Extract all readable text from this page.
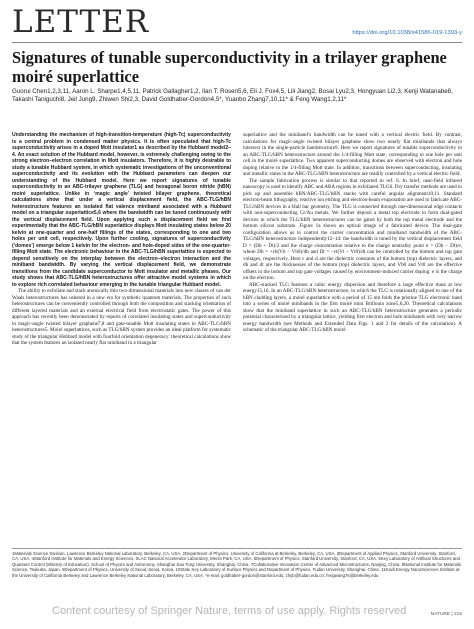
LETTER	https://doi.org/10.1038/s41586-019-1393-y
Signatures of tunable superconductivity in a trilayer graphene moiré superlattice
Guorui Chen1,2,3,11, Aaron L. Sharpe1,4,5,11, Patrick Gallagher1,2, Ilan T. Rosen5,6, Eli J. Fox4,5, Lili Jiang2, Bosai Lyu2,3, Hongyuan Li2,3, Kenji Watanabe8, Takashi Taniguchi8, Jeil Jung9, Zhiwen Shi2,3, David Goldhaber-Gordon4,5*, Yuanbo Zhang7,10,11* & Feng Wang1,2,11*

Understanding the mechanism of high-transition-temperature (high-Tc) superconductivity is a central problem in condensed matter physics. It is often speculated that high-Tc superconductivity arises in a doped Mott insulator1 as described by the Hubbard model2–4. An exact solution of the Hubbard model, however, is extremely challenging owing to the strong electron–electron correlation in Mott insulators. Therefore, it is highly desirable to study a tunable Hubbard system, in which systematic investigations of the unconventional superconductivity and its evolution with the Hubbard parameters can deepen our understanding of the Hubbard model. Here we report signatures of tunable superconductivity in an ABC-trilayer graphene (TLG) and hexagonal boron nitride (hBN) moiré superlattice. Unlike in ‘magic angle’ twisted bilayer graphene, theoretical calculations show that under a vertical displacement field, the ABC-TLG/hBN heterostructure features an isolated flat valence miniband associated with a Hubbard model on a triangular superlattice5,6 where the bandwidth can be tuned continuously with the vertical displacement field. Upon applying such a displacement field we find experimentally that the ABC-TLG/hBN superlattice displays Mott insulating states below 20 kelvin at one-quarter and one-half fillings of the states, corresponding to one and two holes per unit cell, respectively. Upon further cooling, signatures of superconductivity (‘domes’) emerge below 1 kelvin for the electron- and hole-doped sides of the one-quarter-filling Mott state. The electronic behaviour in the ABC-TLG/hBN superlattice is expected to depend sensitively on the interplay between the electron–electron interaction and the miniband bandwidth. By varying the vertical displacement field, we demonstrate transitions from the candidate superconductor to Mott insulator and metallic phases. Our study shows that ABC-TLG/hBN heterostructures offer attractive model systems in which to explore rich correlated behaviour emerging in the tunable triangular Hubbard model.

The ability to exfoliate and stack atomically thin two-dimensional materials into new classes of van der Waals heterostructures has ushered in a new era for synthetic quantum materials. The properties of such heterostructures can be conveniently controlled through both the composition and stacking orientation of different layered materials and an external electrical field from electrostatic gates. The power of this approach has recently been demonstrated by reports of correlated insulating states and superconductivity in magic-angle twisted bilayer graphene7,8 and gate-tunable Mott insulating states in ABC-TLG/hBN heterostructures5. Moiré superlattices, such as TLG/hBN system provides an ideal platform for systematic study of the triangular Hubbard model with fourfold orientation degeneracy: theoretical calculations show that the system features an isolated nearly flat miniband in a triangular

superlattice and the miniband’s bandwidth can be tuned with a vertical electric field. By contrast, calculations for magic-angle twisted bilayer graphene show two nearly flat minibands that always intersect in the single-particle bandstructure9. Here we report signatures of tunable superconductivity in an ABC-TLG/hBN heterostructure around the 1/4-filling Mott state, corresponding to one hole per unit cell in the moiré superlattice. Two apparent superconducting domes are observed with electron and hole doping relative to the 1/4-filling Mott state. In addition, transitions between superconducting, insulating and metallic states in the ABC-TLG/hBN heterostructure are readily controlled by a vertical electric field.

The sample fabrication process is similar to that reported in ref. 6. In brief, near-field infrared nanoscopy is used to identify ABC and ABA regions in exfoliated TLG6. Dry transfer methods are used to pick up and assemble hBN/ABC-TLG/hBN stacks with careful angular alignment10,11. Standard electron-beam lithography, reactive ion etching and electron-beam evaporation are used to fabricate ABC-TLG/hBN devices in a Hall bar geometry. The TLG is connected through one-dimensional edge contacts with non-superconducting Cr/Au metals. We further deposit a metal top electrode to form dual-gated devices in which the TLG/hBN heterostructures can be gated by both the top metal electrode and the bottom silicon substrate. Figure 1a shows an optical image of a fabricated device. The dual-gate configuration allows us to control the carrier concentration and miniband bandwidth of the ABC-TLG/hBN heterostructure independently12–14: the bandwidth is tuned by the vertical displacement field D = (Db + Dt)/2 and the charge concentration relative to the charge neutrality point n = (Db − Dt)/e, where Db = +εb(Vb − Vb0)/db and Dt = −εt(Vt − Vt0)/dt can be controlled by the bottom and top gate voltages, respectively. Here ε and d are the dielectric constants of the bottom (top) dielectric layers, and db and dt are the thicknesses of the bottom (top) dielectric layers, and Vb0 and Vt0 are the effective offsets in the bottom and top gate voltages caused by environment-induced carrier doping. e is the charge on the electron.

ABC-stacked TLG features a cubic energy dispersion and therefore a large effective mass at low energy15,16. In an ABC-TLG/hBN heterostructure, in which the TLG is rotationally aligned to one of the hBN cladding layers, a moiré superlattice with a period of 15 nm folds the pristine TLG electronic band into a series of moiré minibands in the first moiré mini Brillouin zone5,6,20. Theoretical calculations show that the miniband superlattice in such an ABC-TLG/hBN heterostructure generates a periodic potential characterized by a triangular lattice, yielding first electron and hole minibands with very narrow energy bandwidth (see Methods and Extended Data Figs. 1 and 2 for details of the calculation). A schematic of the triangular ABC-TLG/hBN moiré

1Materials Science Division, Lawrence Berkeley National Laboratory, Berkeley, CA, USA. 2Department of Physics, University of California at Berkeley, Berkeley, CA, USA. 3Department of Applied Physics, Stanford University, Stanford, CA, USA. 4Stanford Institute for Materials and Energy Sciences, SLAC National Accelerator Laboratory, Menlo Park, CA, USA. 5Department of Physics, Stanford University, Stanford, CA, USA. 6Key Laboratory of Artificial Structures and Quantum Control (Ministry of Education), School of Physics and Astronomy, Shanghai Jiao Tong University, Shanghai, China. 7Collaborative Innovation Center of Advanced Microstructures, Nanjing, China. 8National Institute for Materials Science, Tsukuba, Japan. 9Department of Physics, University of Seoul, Seoul, Korea. 10State Key Laboratory of Surface Physics and Department of Physics, Fudan University, Shanghai, China. 11Kavli Energy NanoSciences Institute at the University of California Berkeley and Lawrence Berkeley National Laboratory, Berkeley, CA, USA. *e-mail: goldhaber-gordon@stanford.edu; zhyb@fudan.edu.cn; fengwang76@berkeley.edu
NATURE | 215
Content courtesy of Springer Nature, terms of use apply. Rights reserved
